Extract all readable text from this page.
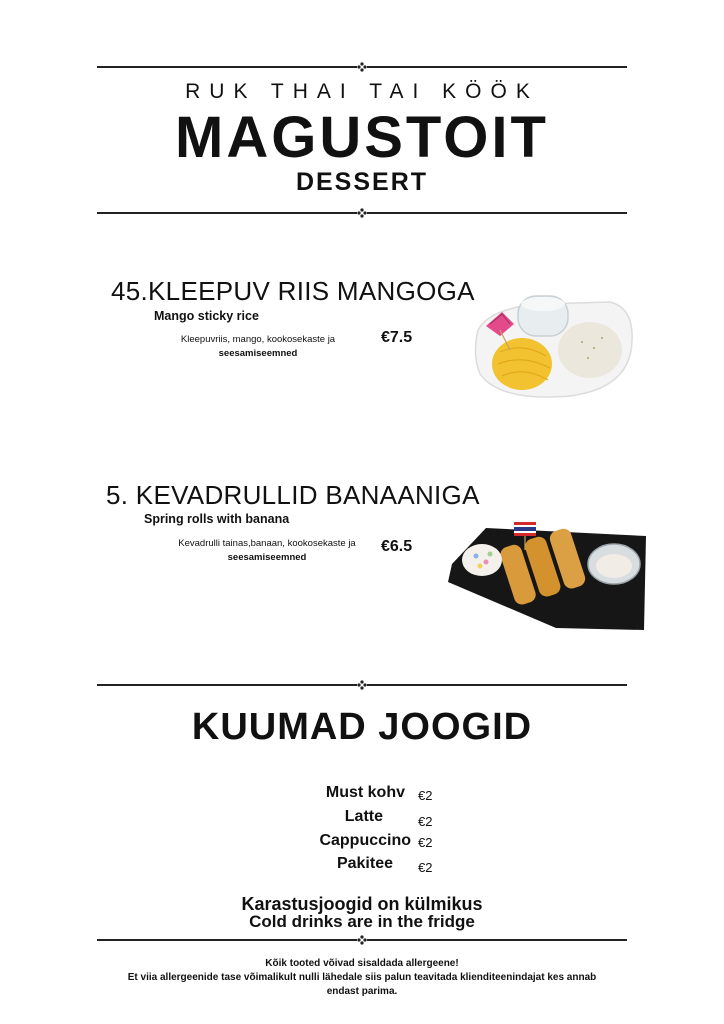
RUK THAI TAI KÖÖK
MAGUSTOIT
DESSERT
45.KLEEPUV RIIS MANGOGA
Mango sticky rice
Kleepuvriis, mango, kookosekaste ja
seesamiseemned
€7.5
5. KEVADRULLID BANAANIGA
Spring rolls with banana
Kevadrulli tainas,banaan, kookosekaste ja
seesamiseemned
€6.5
KUUMAD JOOGID
Must kohv €2
Latte	€2
Cappuccino €2
Pakitee €2
Karastusjoogid on külmikus
Cold drinks are in the fridge
Kõik tooted võivad sisaldada allergeene!
Et viia allergeenide tase võimalikult nulli lähedale siis palun teavitada klienditeenindajat kes annab
endast parima.
